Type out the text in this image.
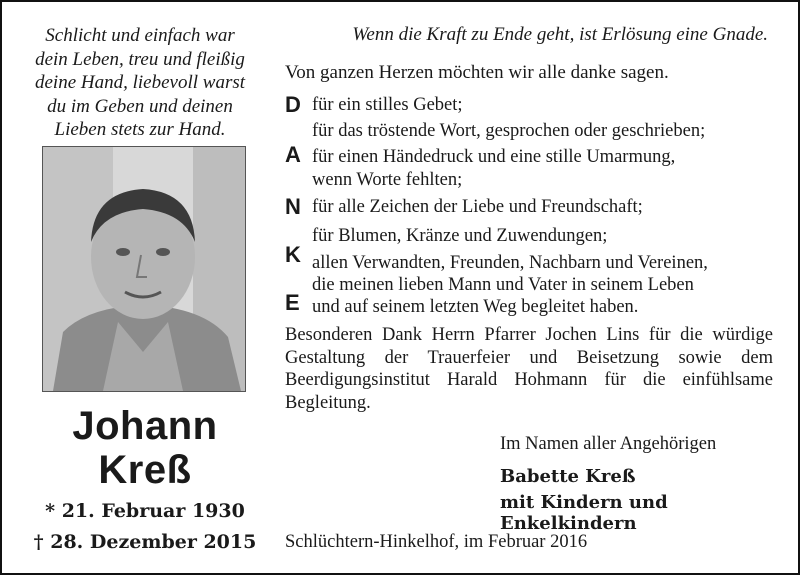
Schlicht und einfach war
dein Leben, treu und fleißig
deine Hand, liebevoll warst
du im Geben und deinen
Lieben stets zur Hand.
Johann
Kreß
* 21. Februar 1930
† 28. Dezember 2015
Wenn die Kraft zu Ende geht, ist Erlösung eine Gnade.
Von ganzen Herzen möchten wir alle danke sagen.
D
A
N
K
E
für ein stilles Gebet;
für das tröstende Wort, gesprochen oder geschrieben;
für einen Händedruck und eine stille Umarmung,
wenn Worte fehlten;
für alle Zeichen der Liebe und Freundschaft;
für Blumen, Kränze und Zuwendungen;
allen Verwandten, Freunden, Nachbarn und Vereinen,
die meinen lieben Mann und Vater in seinem Leben
und auf seinem letzten Weg begleitet haben.
Besonderen Dank Herrn Pfarrer Jochen Lins für die würdige Gestaltung der Trauerfeier und Beisetzung sowie dem Beerdigungsinstitut Harald Hohmann für die einfühlsame Begleitung.
Im Namen aller Angehörigen
Babette Kreß
mit Kindern und Enkelkindern
Schlüchtern-Hinkelhof, im Februar 2016
